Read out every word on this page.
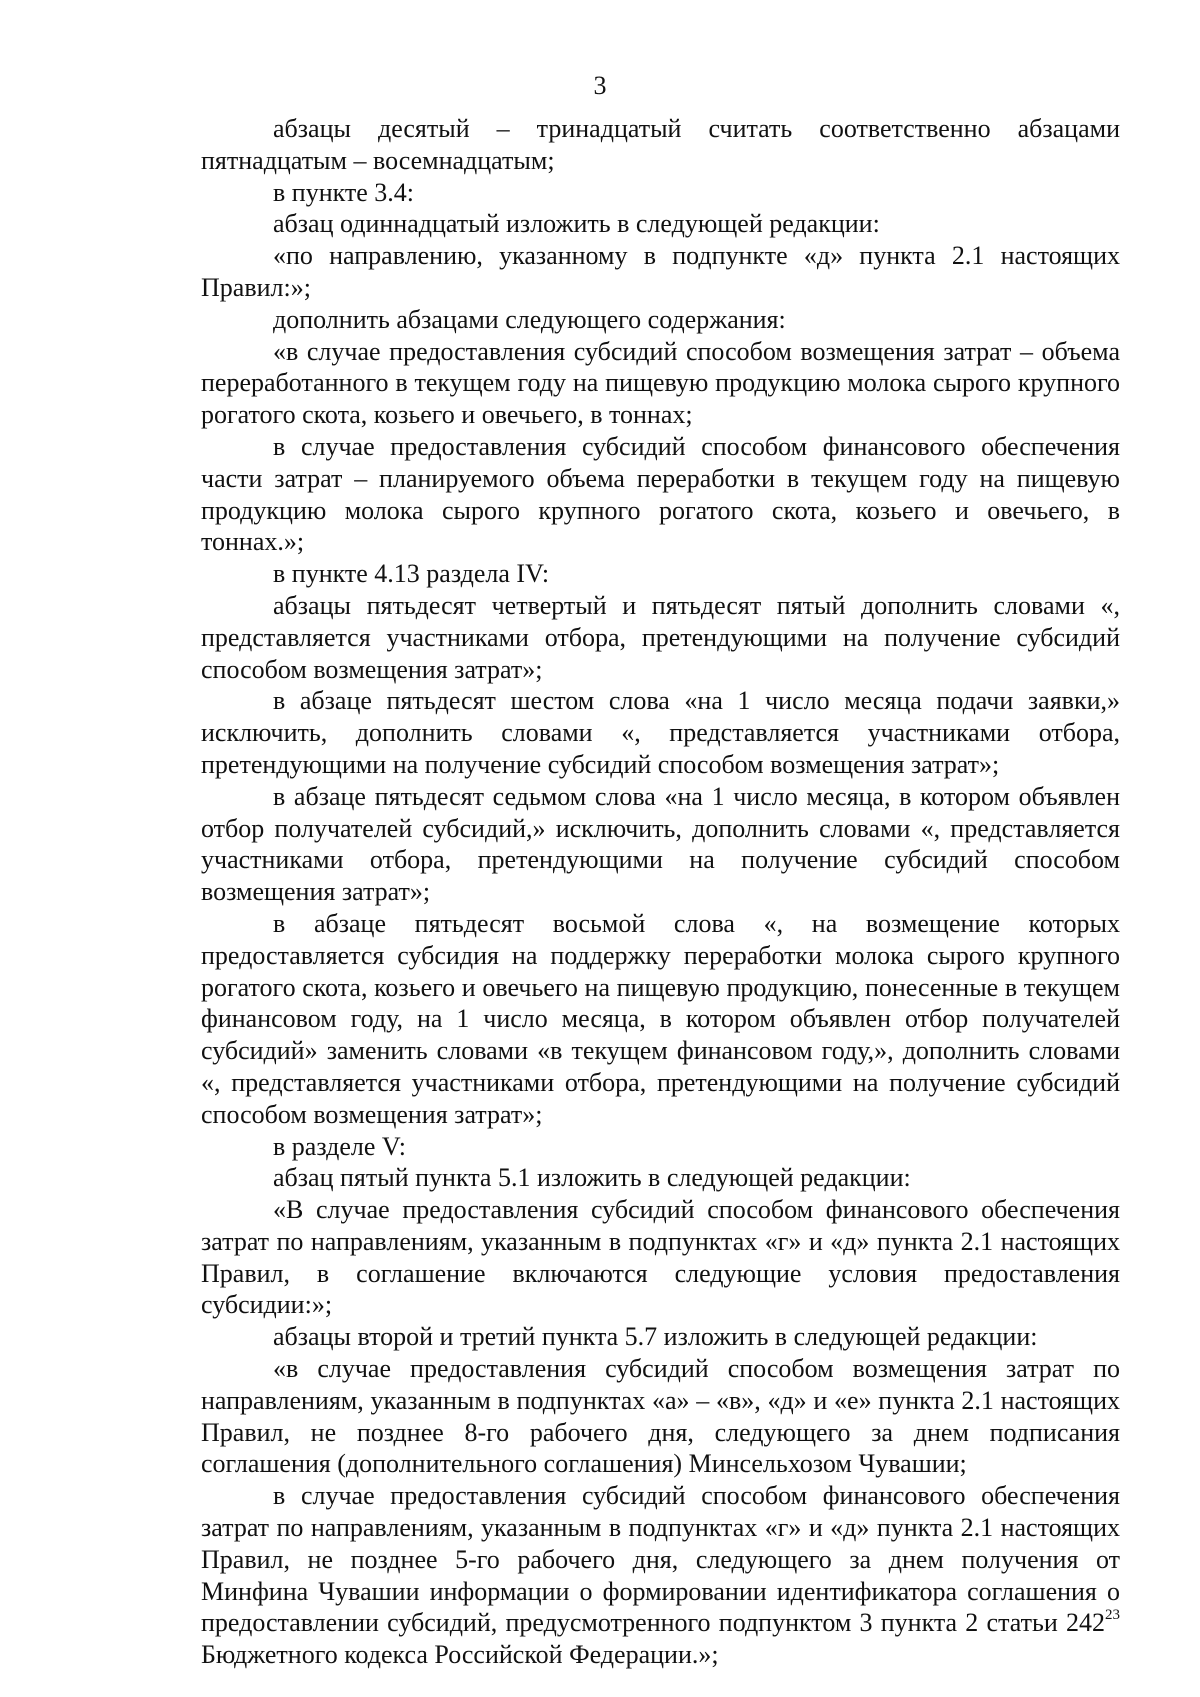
3

абзацы десятый – тринадцатый считать соответственно абзацами пятнадцатым – восемнадцатым;

в пункте 3.4:

абзац одиннадцатый изложить в следующей редакции:

«по направлению, указанному в подпункте «д» пункта 2.1 настоящих Правил:»;

дополнить абзацами следующего содержания:

«в случае предоставления субсидий способом возмещения затрат – объема переработанного в текущем году на пищевую продукцию молока сырого крупного рогатого скота, козьего и овечьего, в тоннах;

в случае предоставления субсидий способом финансового обеспечения части затрат – планируемого объема переработки в текущем году на пищевую продукцию молока сырого крупного рогатого скота, козьего и овечьего, в тоннах.»;

в пункте 4.13 раздела IV:

абзацы пятьдесят четвертый и пятьдесят пятый дополнить словами «, представляется участниками отбора, претендующими на получение субсидий способом возмещения затрат»;

в абзаце пятьдесят шестом слова «на 1 число месяца подачи заявки,» исключить, дополнить словами «, представляется участниками отбора, претендующими на получение субсидий способом возмещения затрат»;

в абзаце пятьдесят седьмом слова «на 1 число месяца, в котором объявлен отбор получателей субсидий,» исключить, дополнить словами «, представляется участниками отбора, претендующими на получение субсидий способом возмещения затрат»;

в абзаце пятьдесят восьмой слова «, на возмещение которых предоставляется субсидия на поддержку переработки молока сырого крупного рогатого скота, козьего и овечьего на пищевую продукцию, понесенные в текущем финансовом году, на 1 число месяца, в котором объявлен отбор получателей субсидий» заменить словами «в текущем финансовом году,», дополнить словами «, представляется участниками отбора, претендующими на получение субсидий способом возмещения затрат»;

в разделе V:

абзац пятый пункта 5.1 изложить в следующей редакции:

«В случае предоставления субсидий способом финансового обеспечения затрат по направлениям, указанным в подпунктах «г» и «д» пункта 2.1 настоящих Правил, в соглашение включаются следующие условия предоставления субсидии:»;

абзацы второй и третий пункта 5.7 изложить в следующей редакции:

«в случае предоставления субсидий способом возмещения затрат по направлениям, указанным в подпунктах «а» – «в», «д» и «е» пункта 2.1 настоящих Правил, не позднее 8-го рабочего дня, следующего за днем подписания соглашения (дополнительного соглашения) Минсельхозом Чувашии;

в случае предоставления субсидий способом финансового обеспечения затрат по направлениям, указанным в подпунктах «г» и «д» пункта 2.1 настоящих Правил, не позднее 5-го рабочего дня, следующего за днем получения от Минфина Чувашии информации о формировании идентификатора соглашения о предоставлении субсидий, предусмотренного подпунктом 3 пункта 2 статьи $242^{23}$ Бюджетного кодекса Российской Федерации.»;
